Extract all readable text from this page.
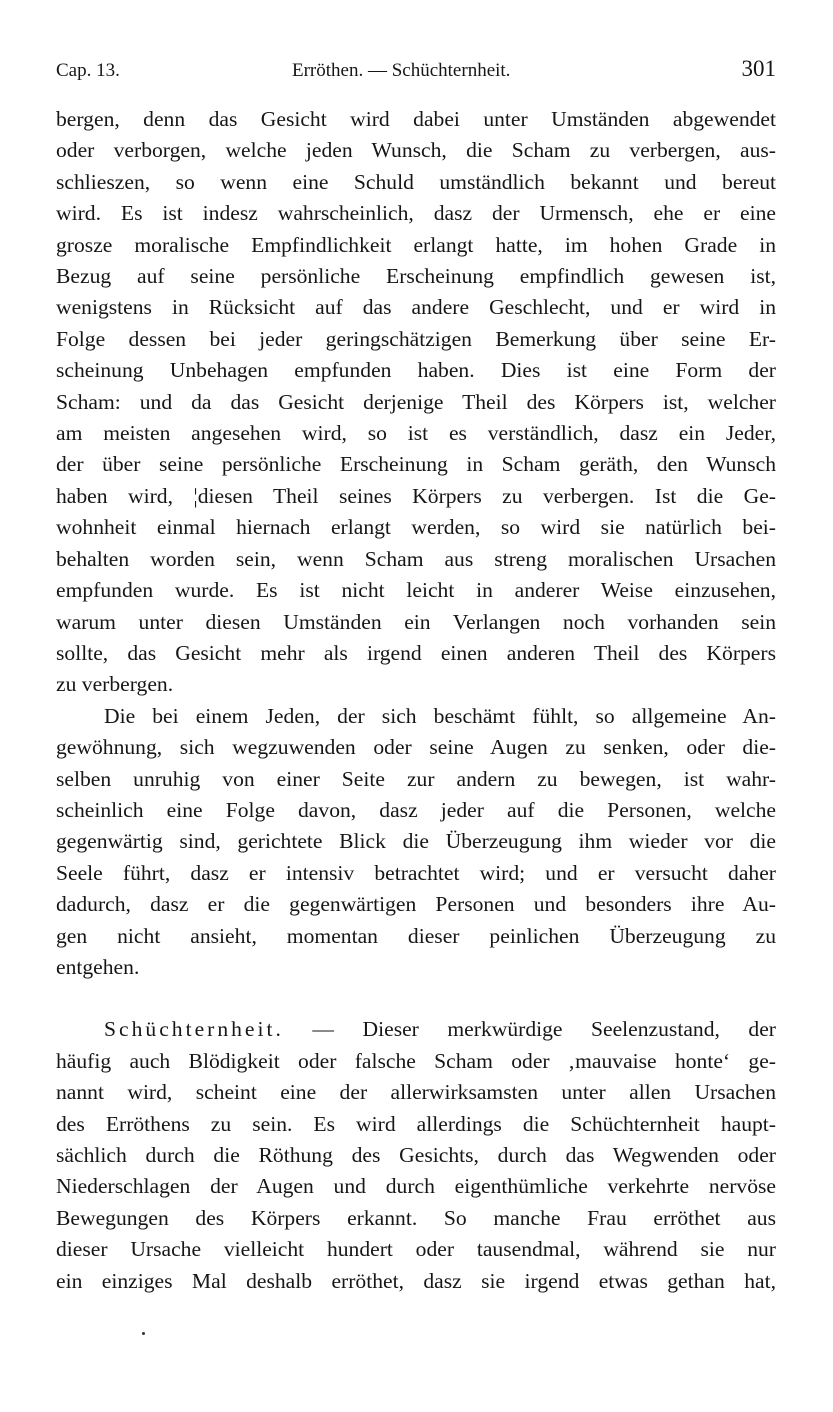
Cap. 13.	Erröthen. — Schüchternheit.	301

bergen, denn das Gesicht wird dabei unter Umständen abgewendet
oder verborgen, welche jeden Wunsch, die Scham zu verbergen, aus-
schlieszen, so wenn eine Schuld umständlich bekannt und bereut
wird. Es ist indesz wahrscheinlich, dasz der Urmensch, ehe er eine
grosze moralische Empfindlichkeit erlangt hatte, im hohen Grade in
Bezug auf seine persönliche Erscheinung empfindlich gewesen ist,
wenigstens in Rücksicht auf das andere Geschlecht, und er wird in
Folge dessen bei jeder geringschätzigen Bemerkung über seine Er-
scheinung Unbehagen empfunden haben. Dies ist eine Form der
Scham: und da das Gesicht derjenige Theil des Körpers ist, welcher
am meisten angesehen wird, so ist es verständlich, dasz ein Jeder,
der über seine persönliche Erscheinung in Scham geräth, den Wunsch
haben wird, ¦diesen Theil seines Körpers zu verbergen. Ist die Ge-
wohnheit einmal hiernach erlangt werden, so wird sie natürlich bei-
behalten worden sein, wenn Scham aus streng moralischen Ursachen
empfunden wurde. Es ist nicht leicht in anderer Weise einzusehen,
warum unter diesen Umständen ein Verlangen noch vorhanden sein
sollte, das Gesicht mehr als irgend einen anderen Theil des Körpers
zu verbergen.

Die bei einem Jeden, der sich beschämt fühlt, so allgemeine An-
gewöhnung, sich wegzuwenden oder seine Augen zu senken, oder die-
selben unruhig von einer Seite zur andern zu bewegen, ist wahr-
scheinlich eine Folge davon, dasz jeder auf die Personen, welche
gegenwärtig sind, gerichtete Blick die Überzeugung ihm wieder vor die
Seele führt, dasz er intensiv betrachtet wird; und er versucht daher
dadurch, dasz er die gegenwärtigen Personen und besonders ihre Au-
gen nicht ansieht, momentan dieser peinlichen Überzeugung zu
entgehen.

Schüchternheit. — Dieser merkwürdige Seelenzustand, der
häufig auch Blödigkeit oder falsche Scham oder ‚mauvaise honte‘ ge-
nannt wird, scheint eine der allerwirksamsten unter allen Ursachen
des Erröthens zu sein. Es wird allerdings die Schüchternheit haupt-
sächlich durch die Röthung des Gesichts, durch das Wegwenden oder
Niederschlagen der Augen und durch eigenthümliche verkehrte nervöse
Bewegungen des Körpers erkannt. So manche Frau erröthet aus
dieser Ursache vielleicht hundert oder tausendmal, während sie nur
ein einziges Mal deshalb erröthet, dasz sie irgend etwas gethan hat,
